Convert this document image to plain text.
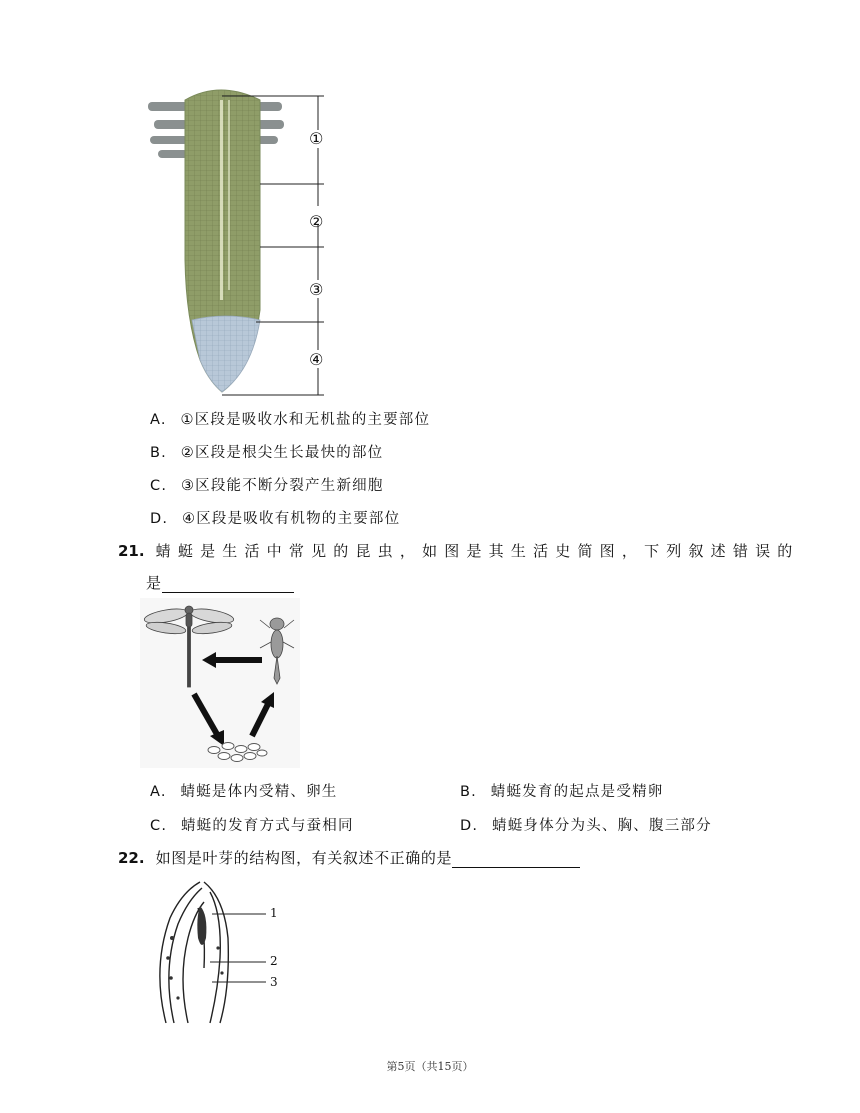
①
②
③
④
A. ①区段是吸收水和无机盐的主要部位
B. ②区段是根尖生长最快的部位
C. ③区段能不断分裂产生新细胞
D. ④区段是吸收有机物的主要部位
21. 蜻蜓是生活中常见的昆虫，如图是其生活史简图，下列叙述错误的
是
A. 蜻蜓是体内受精、卵生	B. 蜻蜓发育的起点是受精卵
C. 蜻蜓的发育方式与蚕相同	D. 蜻蜓身体分为头、胸、腹三部分
22. 如图是叶芽的结构图，有关叙述不正确的是
1
2
3
第5页（共15页）
